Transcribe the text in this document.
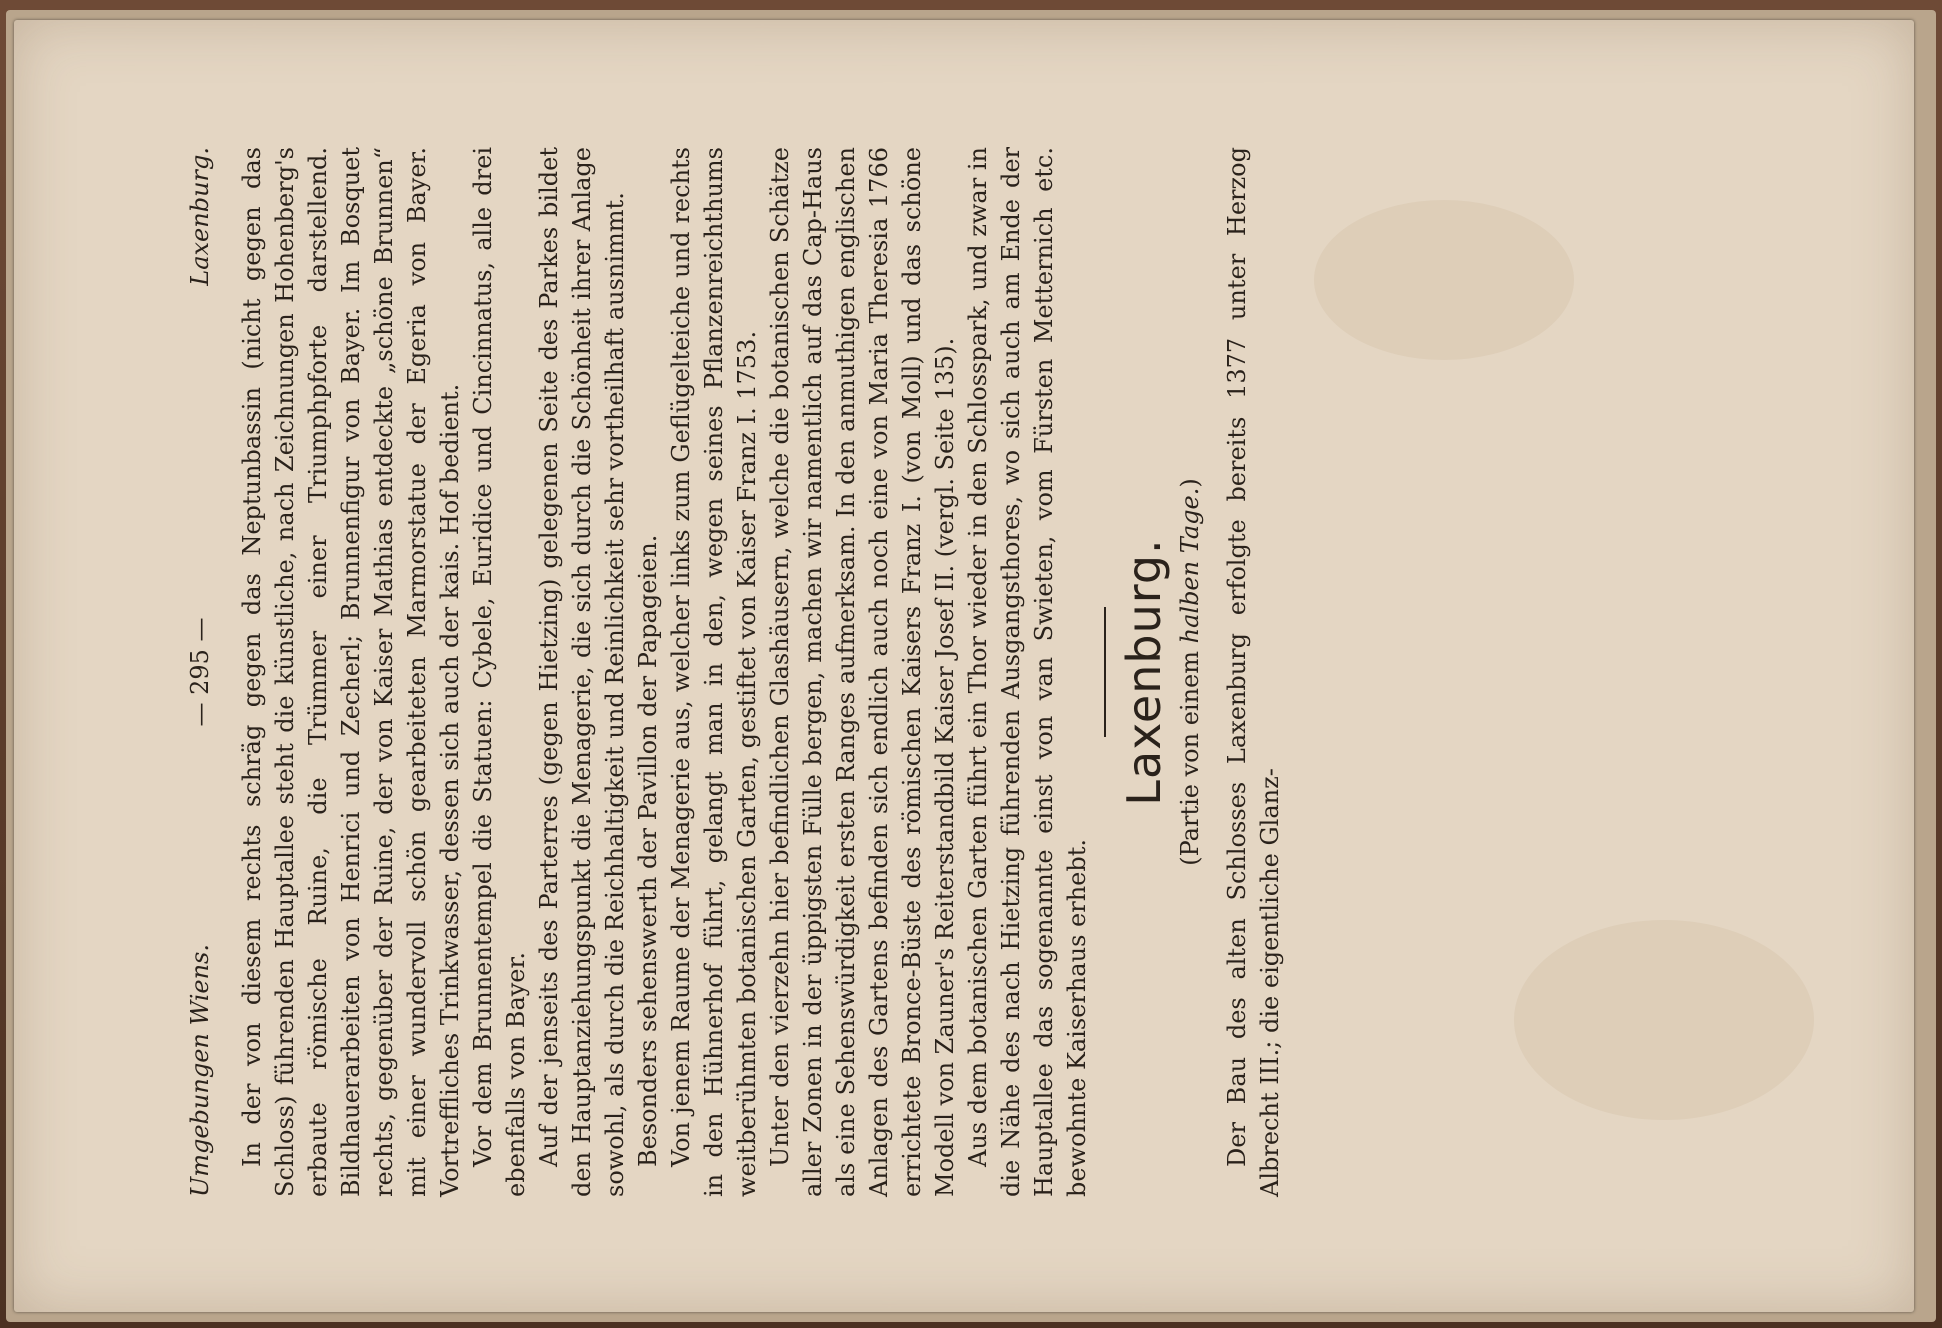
Umgebungen Wiens.
— 295 —
Laxenburg. In der von diesem rechts schräg gegen das Neptunbassin (nicht gegen das Schloss) führenden Hauptallee steht die künstliche, nach Zeichnungen Hohenberg's erbaute römische Ruine, die Trümmer einer Triumphpforte darstellend. Bildhauerarbeiten von Henrici und Zecherl; Brunnenfigur von Bayer. Im Bosquet rechts, gegenüber der Ruine, der von Kaiser Mathias entdeckte „schöne Brunnen“ mit einer wundervoll schön gearbeiteten Marmorstatue der Egeria von Bayer. Vortreffliches Trinkwasser, dessen sich auch der kais. Hof bedient. Vor dem Brunnentempel die Statuen: Cybele, Euridice und Cincinnatus, alle drei ebenfalls von Bayer. Auf der jenseits des Parterres (gegen Hietzing) gelegenen Seite des Parkes bildet den Hauptanziehungspunkt die Menagerie, die sich durch die Schönheit ihrer Anlage sowohl, als durch die Reichhaltigkeit und Reinlichkeit sehr vortheilhaft ausnimmt. Besonders sehenswerth der Pavillon der Papageien. Von jenem Raume der Menagerie aus, welcher links zum Geflügelteiche und rechts in den Hühnerhof führt, gelangt man in den, wegen seines Pflanzenreichthums weitberühmten botanischen Garten, gestiftet von Kaiser Franz I. 1753. Unter den vierzehn hier befindlichen Glashäusern, welche die botanischen Schätze aller Zonen in der üppigsten Fülle bergen, machen wir namentlich auf das Cap-Haus als eine Sehenswürdigkeit ersten Ranges aufmerksam. In den anmuthigen englischen Anlagen des Gartens befinden sich endlich auch noch eine von Maria Theresia 1766 errichtete Bronce-Büste des römischen Kaisers Franz I. (von Moll) und das schöne Modell von Zauner's Reiterstandbild Kaiser Josef II. (vergl. Seite 135). Aus dem botanischen Garten führt ein Thor wieder in den Schlosspark, und zwar in die Nähe des nach Hietzing führenden Ausgangsthores, wo sich auch am Ende der Hauptallee das sogenannte einst von van Swieten, vom Fürsten Metternich etc. bewohnte Kaiserhaus erhebt.

Laxenburg. (Partie von einem halben Tage.) Der Bau des alten Schlosses Laxenburg erfolgte bereits 1377 unter Herzog Albrecht III.; die eigentliche Glanz-
